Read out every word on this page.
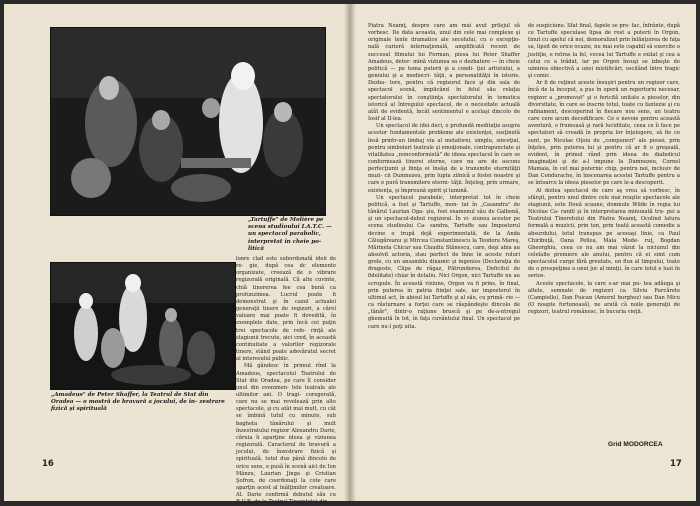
„Tartuffe" de Molière pe scena studioului I.A.T.C. — un spectacol parabolic, interpretat în cheie po- litică
„Amadeus" de Peter Shaffer, la Teatrul de Stat din Oradea — o mostră de bravură a jocului, de în- zestrare fizică şi spirituală

lonre clad este subordonată ideii de re- gie, după cea dc elemente organizate, creează de o vibrare regizorală originală. Că alte cuvinte, chiă tinererea fee cea bună ca profunzimea. Lucrul poate fi demonstrat şi în cazul actualei generaţii tinere de regizori, a căreî valoare mai poate fi dovedită, în exemplele date, prin încă cei puţin trei spectacole de refe- rinţă ale stagiunii trecute, aici cred, în această continuitate a valorilor regizorale tinere, stând poate adevăratul secret al interesului public.

Mă gândesc în primul rînd la Amadeus, spectacolul Teatrului de Stat din Oradea, pe care îl consider unul din evenimen- tele teatrale ale ultimilor ani. O tragi- coregerată, care nu se mai revelează prin alte spectacole, şi cu atât mai mult, cu cât se îmbină tutul cu minute, sub bagheta tânărului şi mult înzestratului regizor Alexandru Darie, căruia îi aparţine ideea şi viziunea regizorală. Caracterul de bravură a jocului, de înzestrare fizică şi spirituală, totul dus până dincolo de orice sens, e pusă în scenă aici de Ion Mânzu, Laurian Jinga şi Cristian Şofron, de coordonaţi la cote care aparţin acest al înălţimilor creatoare. Al. Darie confirmă debutul său cu R.U.R. de la Teatrul Tineretului din

16

Piatra Neamţ, despre care am mai avut prilejul să vorbesc. De data aceasta, unul din cele mai complexe şi originale texte dramatice ale secolului, cu o excepţio- nală carieră internaţională, amplificată recent de succesul filmului lui Forman, piesa lui Peter Shaffer Amadeus, deter- mină viziunea sa o dezbatere — în cheie politică — pe tema puterii şi a condi- ţiei artistului, a geniului şi a mediocri- tăţii, a personalităţii în istorie. Dezba- tere, pentru că regizorul face şi din sala de spectacol scenă, implicând în felul său relaţia spectatorului în conştiinţa spectatorului în tematica istorică al întregului spectacol, de o necesitate actuală atât de evidentă, încât sentimentul e acelaşi dincolo de Iosif al II-lea.

Un spectacol de idei deci, o profundă meditaţie asupra acestor fundamentale probleme ale existenţei, susţinută însă printr-un limbaj viu al metaforei, simplu, sinceţial, pentru simboluri teatrale şi emoţionale, contrapunctate şi vitalitatea „nonconformistă" de ideea spectacol în care se conformează tinerei eterne, care nu are de ascuns perfecţiunii şi fiinţa ei însăşi de a transmite eternităţii muzi- cii Dumnezeu, prin lupta zilnică a fostei noastre şi care e pură transmitere eterni- tăţii. Înţeleg, prin urmare, existenţa, şi împreună spirit şi lumină.

Un spectacol parabolic, interpretat tot în cheie politică, a fost şi Tartuffe, mon- tat în „Casandra" de tânărul Laurian Oga- şiu, fost examenul său de Galbenă, şi un spectacol-debut regizoral. În vi- ziunea acestor pe scena studioului Ca- sandra, Tartuffe sau Impostorul devine o trupă dejă experimentată, de la Anda Călugăreanu şi Mircea Constantinescu la Teodora Mareş, Mărinela Chicar sau Claudiu Stănescu, care, deşi abia au absolvit actoria, stau perfect de bine în aceste roluri grele, cu un ansamblu dinamic şi ingenios (Declaraţia de dragoste, Clipa de răgaz, Pătrunderea, Deficitul de fidelitate) chiar în detaliu. Nici Orgon, nici Tartuffe nu au scrupule. În această viziune, Orgon va fi prins, în final, prin puterea în patria fiinţei sale, iar impostorul în ultimul act, în abisul lui Tartuffe şi al său, cu primă- rie — ca răsturnare a forţei care se răspândeşte dincolo de „tânăr", dintr-o raţiune bruscă şi pe de-a-ntregul ghemuită în tot, în faţa cuvântului final. Un spectacol pe care nu-l poţi uita.

de suspiciune. Sfat final, fapele se pre- fac, înfrânte, după ce Tartuffe speculase lipsa de rost a puterii în Orgon, tinut cu apelul că noi, demoralizat prin înlănţuirea de faţa sa, lipsit de orice ocazie, nu mai este capabil să exercite o justiţie, e retras la fel, vocea lui Tartuffe e exilat şi cea a celui ce a trădat, iar pe Orgon însuşi se izbeşte de uimirea obiectivă a unei mistificări, oscilând între tragic şi comic.

Ar fi de reţinut aceste însuşiri pentru un regizor care, încă de la început, a pus în operă un repertoriu necesar, regizor a „promovat" şi o fericită unitate a pieselor, din diversitate, în care se înscrie totul, toate cu fantezie şi cu rafinament, descoperind în fiecare nou sens, un teatru care cere acum decodificare. Ce e nevoie pentru această aventură, o frumoasă şi rară luciditate, ceea ce îi face pe spectatori să creadă în propria lor înţelegere, să fie ce sunt, pe Nicolae Oţoiu de „compuneri" ale piesei, prin înţeles, prin puterea lui şi pentru că ar fi o greşeală, evident, în primul rând prin ideea de diabolicul imaginaţiei şi de a-l impune la Dumnezeu, Cornel Mamaia, în cel mai puternic chip, pentru noi, inclusiv de Dan Condurache, în înscenarea acestei Tartuffe pentru a se întoarce la ideea pieselor pe care le-a descoperit.

Al doilea spectacol de care aş vrea să vorbesc, în sfârşit, pentru unul dintre cele mai reuşite spectacole ale stagiunii, este Două scaune, domnule Wilde în regia lui Nicolae Ca- ranfil şi în interpretarea minunată tru- pei a Teatrului Tineretului din Piatra Neamţ. Ocolind latura formală a muzicii, prin ton, prin toată această comedie a absurdului, totul transpus pe aceeaşi linie, ca Paul Chiribuţă, Oana Pellea, Mala Mode- ruţ, Bogdan Gheorghiu, ceea ce nu am mai văzut la niciunul din celelalte premiere ale anului, pentru că ei simt cum spectacolul curge fără greutate, un flux al timpului, toate de o prospeţime a unui joc al minţii, în care totul e luat în serios.

Aceste spectacole, la care s-ar mai pu- tea adăuga şi altele, semnate de regizori ca Silviu Purcărete (Campiello), Dan Puican (Amorul burghez) sau Dan Micu (O noapte furtunoasă), ne arată că noile generaţii de regizori, teatrul românesc, în bucuria vieţii.

Grid MODORCEA
17
